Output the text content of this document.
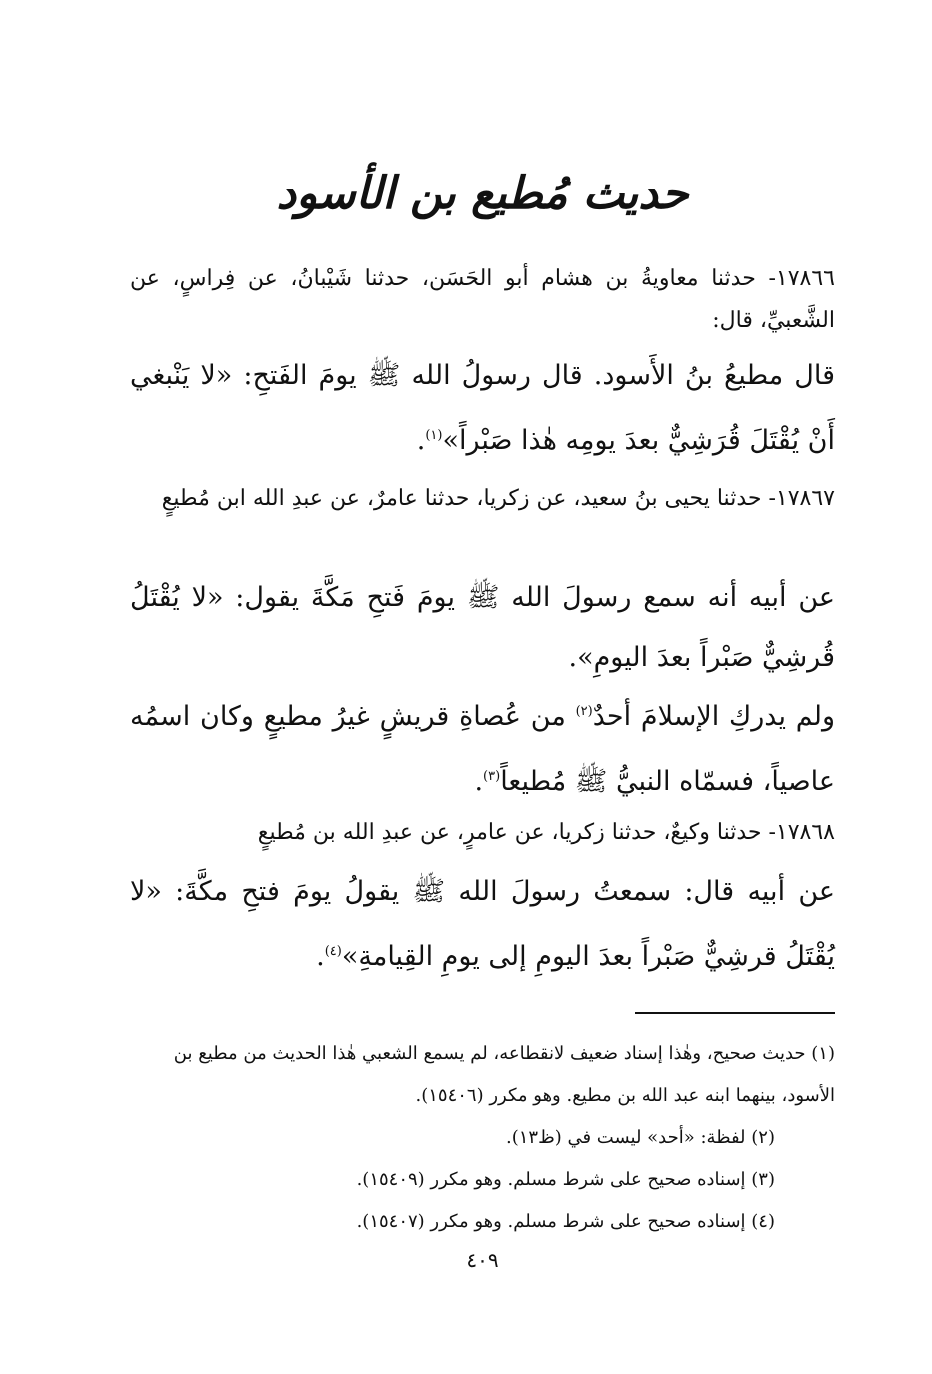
حديث مُطيع بن الأسود
١٧٨٦٦- حدثنا معاويةُ بن هشام أبو الحَسَن، حدثنا شَيْبانُ، عن فِراسٍ، عن الشَّعبيِّ، قال:
قال مطيعُ بنُ الأَسود. قال رسولُ الله ﷺ يومَ الفَتحِ: «لا يَنْبغي أَنْ يُقْتَلَ قُرَشِيٌّ بعدَ يومِه هٰذا صَبْراً»$^{(١)}$.
١٧٨٦٧- حدثنا يحيى بنُ سعيد، عن زكريا، حدثنا عامرٌ، عن عبدِ الله ابن مُطيعٍ
عن أبيه أنه سمع رسولَ الله ﷺ يومَ فَتحِ مَكَّةَ يقول: «لا يُقْتَلُ قُرشِيٌّ صَبْراً بعدَ اليومِ».
ولم يدركِ الإسلامَ أحدٌ$^{(٢)}$ من عُصاةِ قريشٍ غيرُ مطيعٍ وكان اسمُه عاصياً، فسمّاه النبيُّ ﷺ مُطيعاً$^{(٣)}$.
١٧٨٦٨- حدثنا وكيعٌ، حدثنا زكريا، عن عامرٍ، عن عبدِ الله بن مُطيعٍ
عن أبيه قال: سمعتُ رسولَ الله ﷺ يقولُ يومَ فتحِ مكَّةَ: «لا يُقْتَلُ قرشِيٌّ صَبْراً بعدَ اليومِ إلى يومِ القِيامةِ»$^{(٤)}$.
(١) حديث صحيح، وهٰذا إسناد ضعيف لانقطاعه، لم يسمع الشعبي هٰذا الحديث من مطيع بن الأسود، بينهما ابنه عبد الله بن مطيع. وهو مكرر (١٥٤٠٦).
(٢) لفظة: «أحد» ليست في (ظ١٣).
(٣) إسناده صحيح على شرط مسلم. وهو مكرر (١٥٤٠٩).
(٤) إسناده صحيح على شرط مسلم. وهو مكرر (١٥٤٠٧).
٤٠٩
